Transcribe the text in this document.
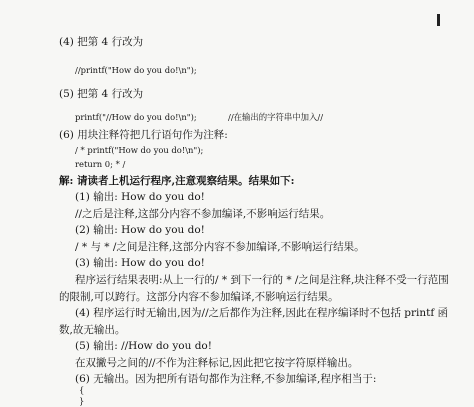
(4) 把第 4 行改为
//printf("How do you do!\n");
(5) 把第 4 行改为
printf("//How do you do!\n");	//在输出的字符串中加入//
(6) 用块注释符把几行语句作为注释:
/ * printf("How do you do!\n");
return 0; * /
解: 请读者上机运行程序,注意观察结果。结果如下:
(1) 输出: How do you do!
//之后是注释,这部分内容不参加编译,不影响运行结果。
(2) 输出: How do you do!
/ * 与 * /之间是注释,这部分内容不参加编译,不影响运行结果。
(3) 输出: How do you do!
程序运行结果表明:从上一行的/ * 到下一行的 * /之间是注释,块注释不受一行范围
的限制,可以跨行。这部分内容不参加编译,不影响运行结果。
(4) 程序运行时无输出,因为//之后都作为注释,因此在程序编译时不包括 printf 函
数,故无输出。
(5) 输出: //How do you do!
在双撇号之间的//不作为注释标记,因此把它按字符原样输出。
(6) 无输出。因为把所有语句都作为注释,不参加编译,程序相当于:
{
}
